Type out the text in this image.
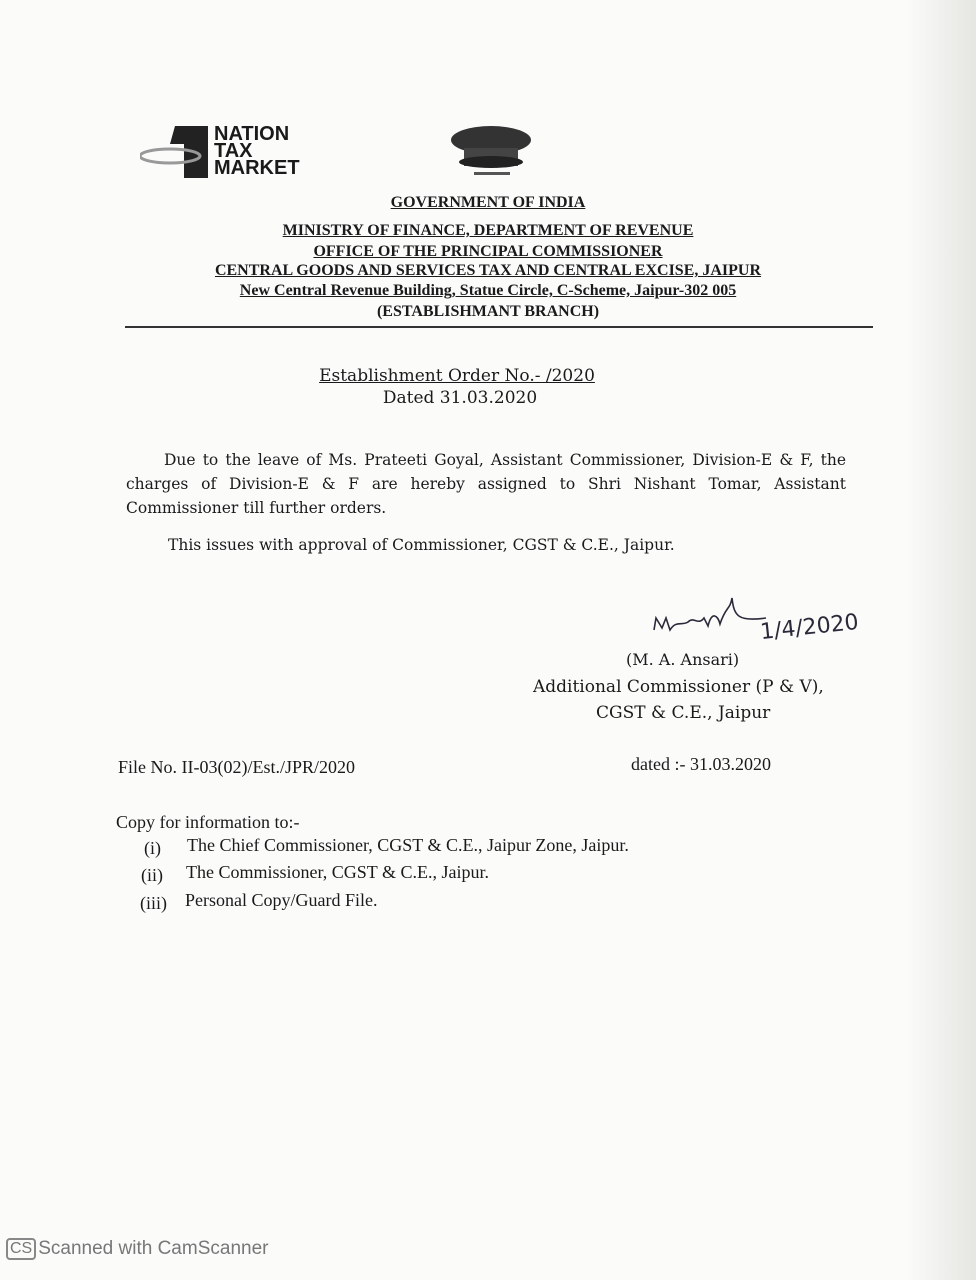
NATION
TAX
MARKET
GOVERNMENT OF INDIA
MINISTRY OF FINANCE, DEPARTMENT OF REVENUE
OFFICE OF THE PRINCIPAL COMMISSIONER
CENTRAL GOODS AND SERVICES TAX AND CENTRAL EXCISE, JAIPUR
New Central Revenue Building, Statue Circle, C-Scheme, Jaipur-302 005
(ESTABLISHMANT BRANCH)
Establishment Order No.- /2020
Dated 31.03.2020
Due to the leave of Ms. Prateeti Goyal, Assistant Commissioner, Division-E & F, the charges of Division-E & F are hereby assigned to Shri Nishant Tomar, Assistant Commissioner till further orders.
This issues with approval of Commissioner, CGST & C.E., Jaipur.
1/4/2020
(M. A. Ansari)
Additional Commissioner (P & V),
CGST & C.E., Jaipur
File No. II-03(02)/Est./JPR/2020	dated :- 31.03.2020
Copy for information to:-
(i) The Chief Commissioner, CGST & C.E., Jaipur Zone, Jaipur.
(ii) The Commissioner, CGST & C.E., Jaipur.
(iii) Personal Copy/Guard File.
CS Scanned with CamScanner
